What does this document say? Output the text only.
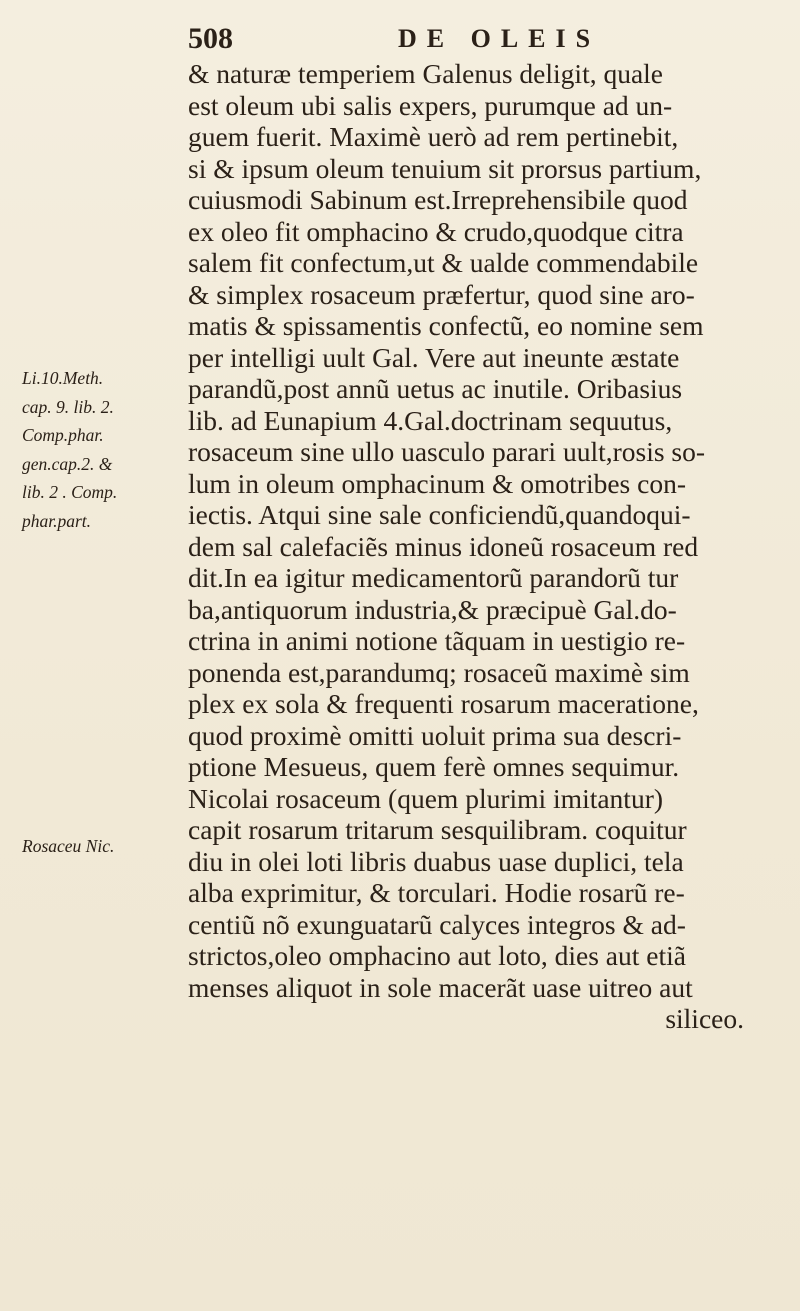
508	DE OLEIS
Li.10.Meth.
cap. 9. lib. 2.
Comp.phar.
gen.cap.2. &
lib. 2 . Comp.
phar.part.
Rosaceu Nic.
& naturæ temperiem Galenus deligit, quale
est oleum ubi salis expers, purumque ad un-
guem fuerit. Maximè uerò ad rem pertinebit,
si & ipsum oleum tenuium sit prorsus partium,
cuiusmodi Sabinum est.Irreprehensibile quod
ex oleo fit omphacino & crudo,quodque citra
salem fit confectum,ut & ualde commendabile
& simplex rosaceum præfertur, quod sine aro-
matis & spissamentis confectũ, eo nomine sem
per intelligi uult Gal. Vere aut ineunte æstate
parandũ,post annũ uetus ac inutile. Oribasius
lib. ad Eunapium 4.Gal.doctrinam sequutus,
rosaceum sine ullo uasculo parari uult,rosis so-
lum in oleum omphacinum & omotribes con-
iectis. Atqui sine sale conficiendũ,quandoqui-
dem sal calefaciẽs minus idoneũ rosaceum red
dit.In ea igitur medicamentorũ parandorũ tur
ba,antiquorum industria,& præcipuè Gal.do-
ctrina in animi notione tãquam in uestigio re-
ponenda est,parandumq; rosaceũ maximè sim
plex ex sola & frequenti rosarum maceratione,
quod proximè omitti uoluit prima sua descri-
ptione Mesueus, quem ferè omnes sequimur.
Nicolai rosaceum (quem plurimi imitantur)
capit rosarum tritarum sesquilibram. coquitur
diu in olei loti libris duabus uase duplici, tela
alba exprimitur, & torculari. Hodie rosarũ re-
centiũ nõ exunguatarũ calyces integros & ad-
strictos,oleo omphacino aut loto, dies aut etiã
menses aliquot in sole macerãt uase uitreo aut
siliceo.
